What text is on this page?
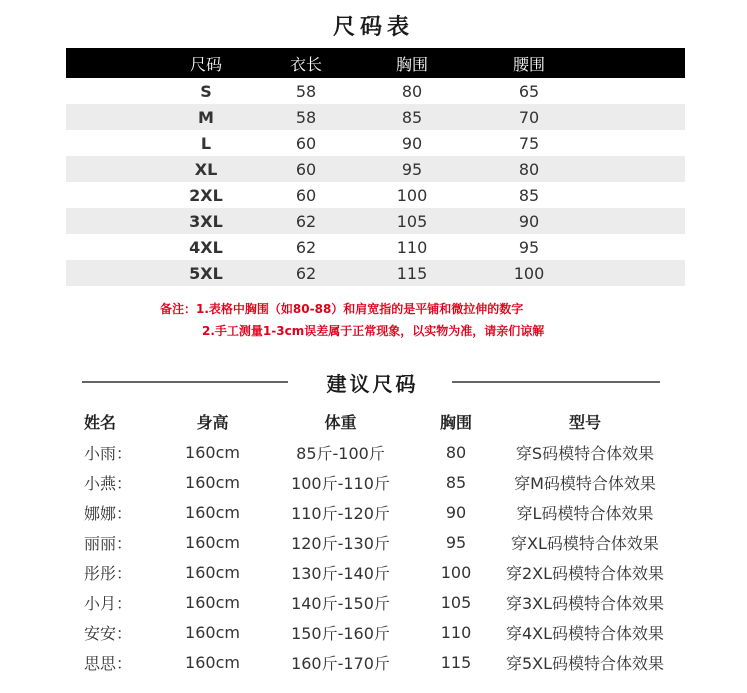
尺码表
尺码	衣长	胸围	腰围
S	58	80	65
M	58	85	70
L	60	90	75
XL	60	95	80
2XL	60	100	85
3XL	62	105	90
4XL	62	110	95
5XL	62	115	100
备注：1.表格中胸围（如80-88）和肩宽指的是平铺和微拉伸的数字
2.手工测量1-3cm误差属于正常现象，以实物为准，请亲们谅解
建议尺码
姓名	身高	体重	胸围	型号
小雨：	160cm	85斤-100斤	80	穿S码模特合体效果
小燕：	160cm	100斤-110斤	85	穿M码模特合体效果
娜娜：	160cm	110斤-120斤	90	穿L码模特合体效果
丽丽：	160cm	120斤-130斤	95	穿XL码模特合体效果
彤彤：	160cm	130斤-140斤	100	穿2XL码模特合体效果
小月：	160cm	140斤-150斤	105	穿3XL码模特合体效果
安安：	160cm	150斤-160斤	110	穿4XL码模特合体效果
思思：	160cm	160斤-170斤	115	穿5XL码模特合体效果
